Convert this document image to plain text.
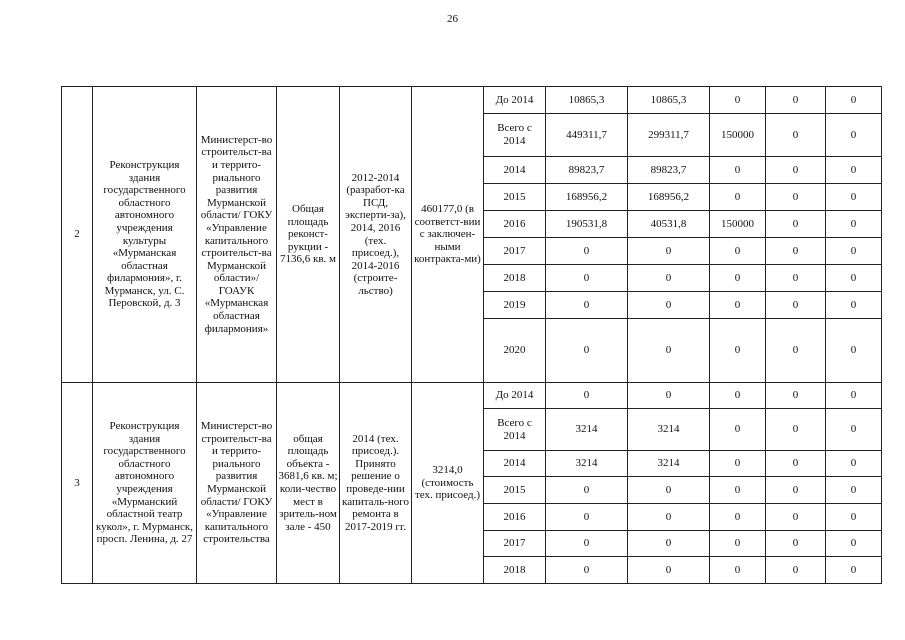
26
2	Реконструкция здания государственного областного автономного учреждения культуры «Мурманская областная филармония», г. Мурманск, ул. С. Перовской, д. 3	Министерст-во строительст-ва и террито-риального развития Мурманской области/ ГОКУ «Управление капитального строительст-ва Мурманской области»/ ГОАУК «Мурманская областная филармония»	Общая площадь реконст-рукции - 7136,6 кв. м	2012-2014 (разработ-ка ПСД, эксперти-за), 2014, 2016 (тех. присоед.), 2014-2016 (строите-льство)	460177,0 (в соответст-вии с заключен-ными контракта-ми)	До 2014	10865,3	10865,3	0	0	0
						Всего с 2014	449311,7	299311,7	150000	0	0
						2014	89823,7	89823,7	0	0	0
						2015	168956,2	168956,2	0	0	0
						2016	190531,8	40531,8	150000	0	0
						2017	0	0	0	0	0
						2018	0	0	0	0	0
						2019	0	0	0	0	0
						2020	0	0	0	0	0
3	Реконструкция здания государственного областного автономного учреждения «Мурманский областной театр кукол», г. Мурманск, просп. Ленина, д. 27	Министерст-во строительст-ва и террито-риального развития Мурманской области/ ГОКУ «Управление капитального строительства	общая площадь объекта - 3681,6 кв. м; коли-чество мест в зритель-ном зале - 450	2014 (тех. присоед.). Принято решение о проведе-нии капиталь-ного ремонта в 2017-2019 гг.	3214,0 (стоимость тех. присоед.)	До 2014	0	0	0	0	0
						Всего с 2014	3214	3214	0	0	0
						2014	3214	3214	0	0	0
						2015	0	0	0	0	0
						2016	0	0	0	0	0
						2017	0	0	0	0	0
						2018	0	0	0	0	0
